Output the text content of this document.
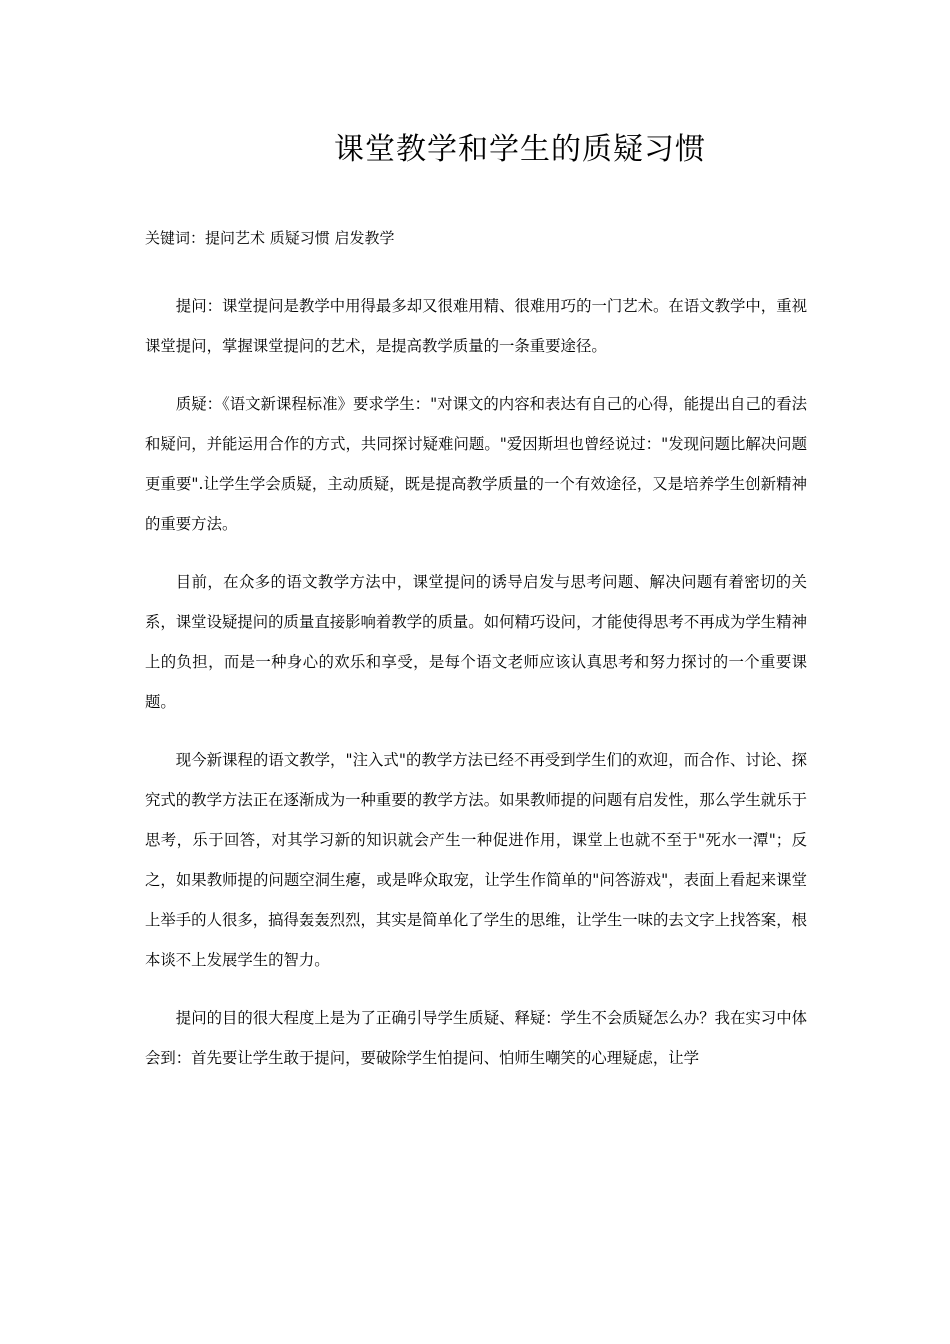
课堂教学和学生的质疑习惯
关键词：提问艺术 质疑习惯 启发教学

提问：课堂提问是教学中用得最多却又很难用精、很难用巧的一门艺术。在语文教学中，重视课堂提问，掌握课堂提问的艺术，是提高教学质量的一条重要途径。

质疑：《语文新课程标准》要求学生："对课文的内容和表达有自己的心得，能提出自己的看法和疑问，并能运用合作的方式，共同探讨疑难问题。"爱因斯坦也曾经说过："发现问题比解决问题更重要".让学生学会质疑，主动质疑，既是提高教学质量的一个有效途径，又是培养学生创新精神的重要方法。

目前，在众多的语文教学方法中，课堂提问的诱导启发与思考问题、解决问题有着密切的关系，课堂设疑提问的质量直接影响着教学的质量。如何精巧设问，才能使得思考不再成为学生精神上的负担，而是一种身心的欢乐和享受，是每个语文老师应该认真思考和努力探讨的一个重要课题。

现今新课程的语文教学，"注入式"的教学方法已经不再受到学生们的欢迎，而合作、讨论、探究式的教学方法正在逐渐成为一种重要的教学方法。如果教师提的问题有启发性，那么学生就乐于思考，乐于回答，对其学习新的知识就会产生一种促进作用，课堂上也就不至于"死水一潭"；反之，如果教师提的问题空洞生瘪，或是哗众取宠，让学生作简单的"问答游戏"，表面上看起来课堂上举手的人很多，搞得轰轰烈烈，其实是简单化了学生的思维，让学生一味的去文字上找答案，根本谈不上发展学生的智力。

提问的目的很大程度上是为了正确引导学生质疑、释疑：学生不会质疑怎么办？我在实习中体会到：首先要让学生敢于提问，要破除学生怕提问、怕师生嘲笑的心理疑虑，让学
